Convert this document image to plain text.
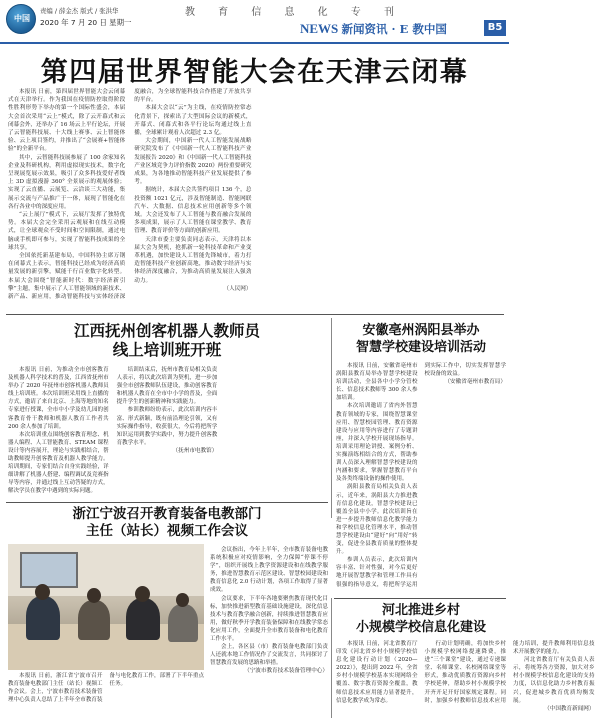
中国
责编 / 薛金杰 版式 / 张洪华
2020 年 7 月 20 日 星期一
教 育 信 息 化 专 刊
NEWS 新闻资讯 · E 教中国	B5
第四届世界智能大会在天津云闭幕

本报讯 日前，第四届世界智能大会云闭幕式在天津举行。作为我国在疫情防控取得阶段性胜利形势下举办的第一个国际性盛会，本届大会首次采用“云上”模式，除了云开幕式和云闭幕会外，还举办了 16 场云上平行论坛，开展了云智能科技展、十大线上赛事、云上智能体验、云上项目签约，并推出了“会展赛+智能体验”的全新平台。

其中，云智能科技展参展了 100 余家知名企业及科研机构，利用虚拟现实技术，数字化呈现展览展示效果，吸引了众多科技爱好者线上 3D 虚拟漫游 360° 全景展示的观展体验；实现了云直播、云展览、云洽谈三大功能，集展示交流与产品推广于一体，展现了智能化在各行各业中的深度应用。

“云上展厅”模式下，云展厅发挥了独特优势。本届大会完全采用云观展和在线互动模式，让全球观众不受时间和空间限制，通过电脑或手机即可参与，实现了智能科技成果的全球共享。

全国依托新基建布局，中国科协主席万钢在闭幕式上表示，智能科技已经成为经济高质量发展的新引擎，赋能千行百业数字化转型。本届大会围绕“智能新时代：数字经济新引擎”主题，集中展示了人工智能领域的新技术、新产品、新应用，推动智能科技与实体经济深度融合，为全球智能科技合作搭建了开放共享的平台。

本届大会以“云”为主线，在疫情防控常态化背景下，探索出了大型国际会议的新模式，开幕式、闭幕式和各平行论坛均通过线上直播，全球累计观看人次超过 2.3 亿。

大会期间，中国新一代人工智能发展战略研究院发布了《中国新一代人工智能科技产业发展报告 2020》和《中国新一代人工智能科技产业区域竞争力评价指数 2020》两份重要研究成果，为各地推动智能科技产业发展提供了参考。

据统计，本届大会共签约项目 136 个，总投资额 1021 亿元，涉及智能制造、智能网联汽车、大数据、信息技术应用创新等多个领域。大会还发布了人工智能与教育融合发展的多项成果，展示了人工智能在课堂教学、教育管理、教育评价等方面的创新应用。

天津市委主要负责同志表示，天津将以本届大会为契机，抢抓新一轮科技革命和产业变革机遇，加快建设人工智能先锋城市，着力打造智能科技产业创新高地，推动数字经济与实体经济深度融合，为推动高质量发展注入强劲动力。

（人民网）
江西抚州创客机器人教师员
线上培训班开班

本报讯 日前，为推动全市创客教育及机器人科学技术的普及，江西省抚州市举办了 2020 年抚州市创客机器人教师员线上培训班。本次培训班采用线上直播的方式，邀请了来自北京、上海等地的知名专家进行授课，全市中小学及幼儿园的创客教育骨干教师和机器人教育工作者共 200 余人参加了培训。

本次培训重点围绕创客教育理念、机器人编程、人工智能教育、STEAM 课程设计等内容展开，理论与实践相结合，帮助教师提升创客教育及机器人教学能力。培训期间，专家们结合自身实践经验，详细讲解了机器人搭建、编程调试及竞赛指导等内容，并通过线上互动答疑的方式，解决学员在教学中遇到的实际问题。

培训结束后，抚州市教育局相关负责人表示，将以此次培训为契机，进一步加强全市创客教师队伍建设，推动创客教育和机器人教育在全市中小学的普及，全面提升学生的创新精神和实践能力。

参训教师纷纷表示，此次培训内容丰富、形式新颖，既有前沿理论引领，又有实际操作指导，收获很大，今后将把所学知识运用到教学实践中，努力提升创客教育教学水平。

（抚州市电教馆）
安徽亳州涡阳县举办
智慧学校建设培训活动

本报讯 日前，安徽省亳州市涡阳县教育局举办智慧学校建设培训活动，全县各中小学分管校长、信息技术教师等 300 余人参加培训。

本次培训邀请了省内外智慧教育领域的专家，围绕智慧课堂应用、智慧校园管理、教育资源建设与应用等内容进行了专题讲座，并深入学校开展现场指导。培训采用理论讲授、案例分析、实操演练相结合的方式，帮助参训人员深入理解智慧学校建设的内涵和要求，掌握智慧教育平台及各类终端设备的操作使用。

涡阳县教育局相关负责人表示，近年来，涡阳县大力推进教育信息化建设，智慧学校建设已覆盖全县中小学。此次培训旨在进一步提升教师信息化教学能力和学校信息化管理水平，推动智慧学校建设由“建好”向“用好”转变，促进全县教育质量的整体提升。

参训人员表示，此次培训内容丰富、针对性强，对今后更好地开展智慧教学和管理工作具有很强的指导意义，将把所学运用到实际工作中，切实发挥智慧学校设备的效益。

（安徽省亳州市教育局）
浙江宁波召开教育装备电教部门
主任（站长）视频工作会议

本报讯 日前，浙江省宁波市召开教育装备电教部门主任（站长）视频工作会议。会上，宁波市教育技术装备管理中心负责人总结了上半年全市教育装备与电化教育工作，部署了下半年重点任务。

会议指出，今年上半年，全市教育装备电教系统积极应对疫情影响，全力保障“停课不停学”，组织开展线上教学资源建设和在线教学服务，推进智慧教育示范区建设、智慧校园建设和教育信息化 2.0 行动计划，各项工作取得了显著成效。

会议要求，下半年各地要聚焦教育现代化目标，加快推进新型教育基础设施建设，深化信息技术与教育教学融合创新，持续推进智慧教育应用，做好秋季开学教育装备保障和在线教学常态化应用工作，全面提升全市教育装备和电化教育工作水平。

会上，各区县（市）教育装备电教部门负责人还就本地工作情况作了交流发言，共同探讨了智慧教育发展的思路和举措。

（宁波市教育技术装备管理中心）
河北推进乡村
小规模学校信息化建设

本报讯 日前，河北省教育厅印发《河北省乡村小规模学校信息化建设行动计划（2020—2022）》，提出到 2022 年，全省乡村小规模学校基本实现网络全覆盖、数字教育资源全覆盖，教师信息技术应用能力显著提升，信息化教学成为常态。

行动计划明确，将加快乡村小规模学校网络提速降费，推进“三个课堂”建设，通过专递课堂、名师课堂、名校网络课堂等形式，推动优质教育资源向乡村学校延伸，帮助乡村小规模学校开齐开足开好国家规定课程。同时，加强乡村教师信息技术应用能力培训，提升教师利用信息技术开展教学的能力。

河北省教育厅有关负责人表示，将统筹各方资源，加大对乡村小规模学校信息化建设的支持力度，以信息化助力乡村教育振兴，促进城乡教育优质均衡发展。

（中国教育新闻网）
